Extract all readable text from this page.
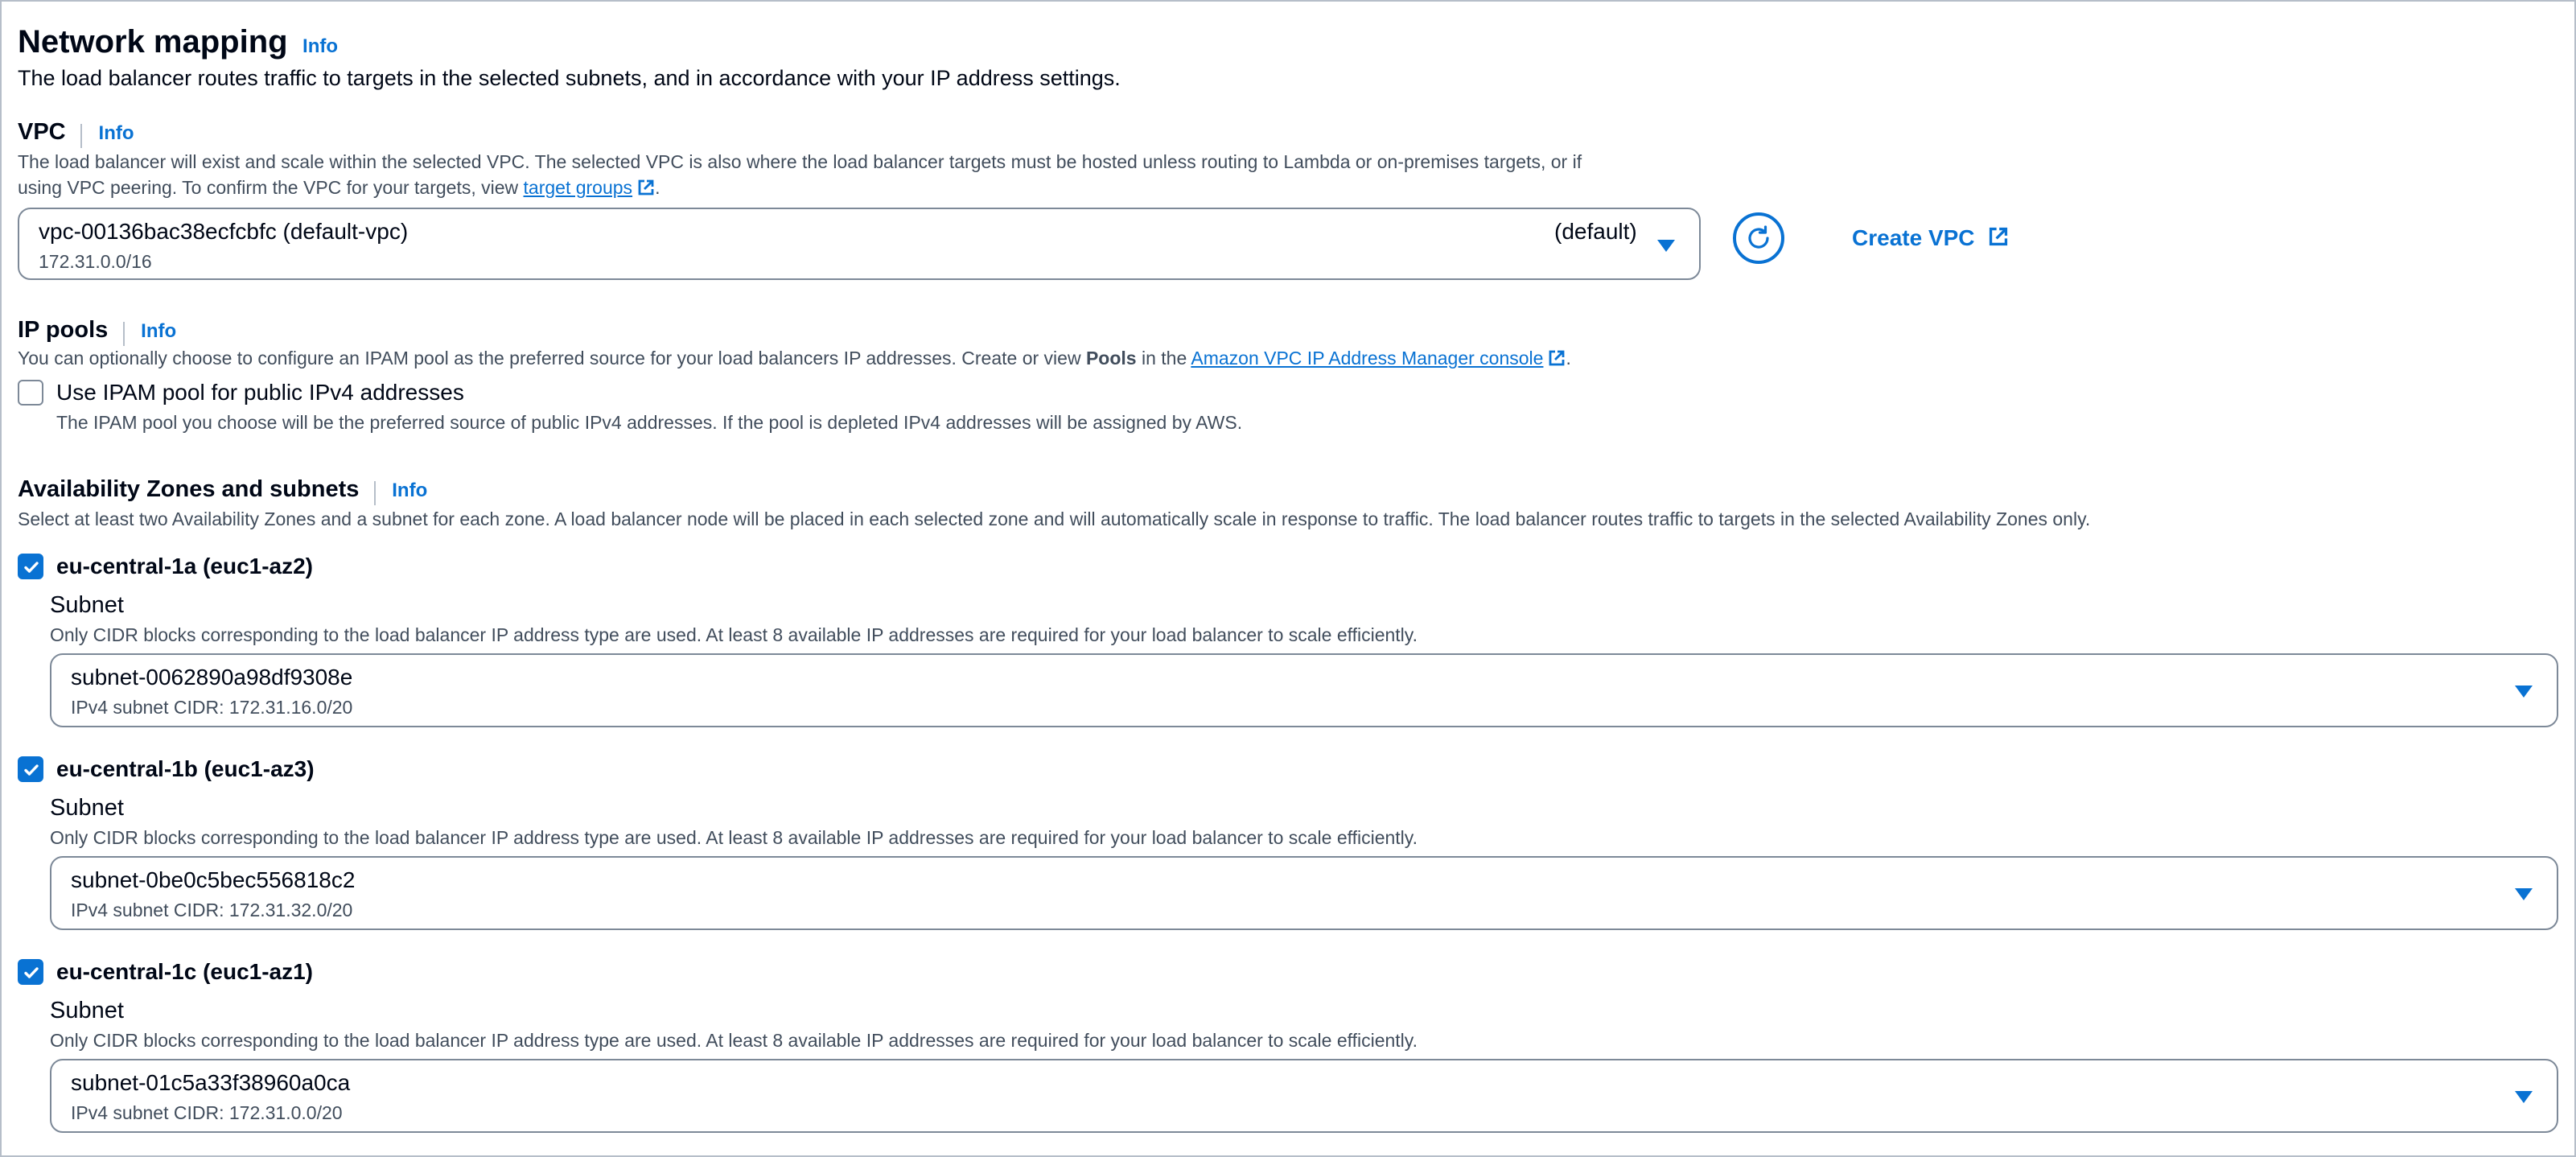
Network mapping Info
The load balancer routes traffic to targets in the selected subnets, and in accordance with your IP address settings.
VPC Info
The load balancer will exist and scale within the selected VPC. The selected VPC is also where the load balancer targets must be hosted unless routing to Lambda or on-premises targets, or if
using VPC peering. To confirm the VPC for your targets, view target groups .
vpc-00136bac38ecfcbfc (default-vpc)
172.31.0.0/16
(default)	Create VPC
IP pools Info
You can optionally choose to configure an IPAM pool as the preferred source for your load balancers IP addresses. Create or view Pools in the Amazon VPC IP Address Manager console .
Use IPAM pool for public IPv4 addresses
The IPAM pool you choose will be the preferred source of public IPv4 addresses. If the pool is depleted IPv4 addresses will be assigned by AWS.
Availability Zones and subnets Info
Select at least two Availability Zones and a subnet for each zone. A load balancer node will be placed in each selected zone and will automatically scale in response to traffic. The load balancer routes traffic to targets in the selected Availability Zones only.
eu-central-1a (euc1-az2)
Subnet
Only CIDR blocks corresponding to the load balancer IP address type are used. At least 8 available IP addresses are required for your load balancer to scale efficiently.
subnet-0062890a98df9308e
IPv4 subnet CIDR: 172.31.16.0/20
eu-central-1b (euc1-az3)
Subnet
Only CIDR blocks corresponding to the load balancer IP address type are used. At least 8 available IP addresses are required for your load balancer to scale efficiently.
subnet-0be0c5bec556818c2
IPv4 subnet CIDR: 172.31.32.0/20
eu-central-1c (euc1-az1)
Subnet
Only CIDR blocks corresponding to the load balancer IP address type are used. At least 8 available IP addresses are required for your load balancer to scale efficiently.
subnet-01c5a33f38960a0ca
IPv4 subnet CIDR: 172.31.0.0/20
